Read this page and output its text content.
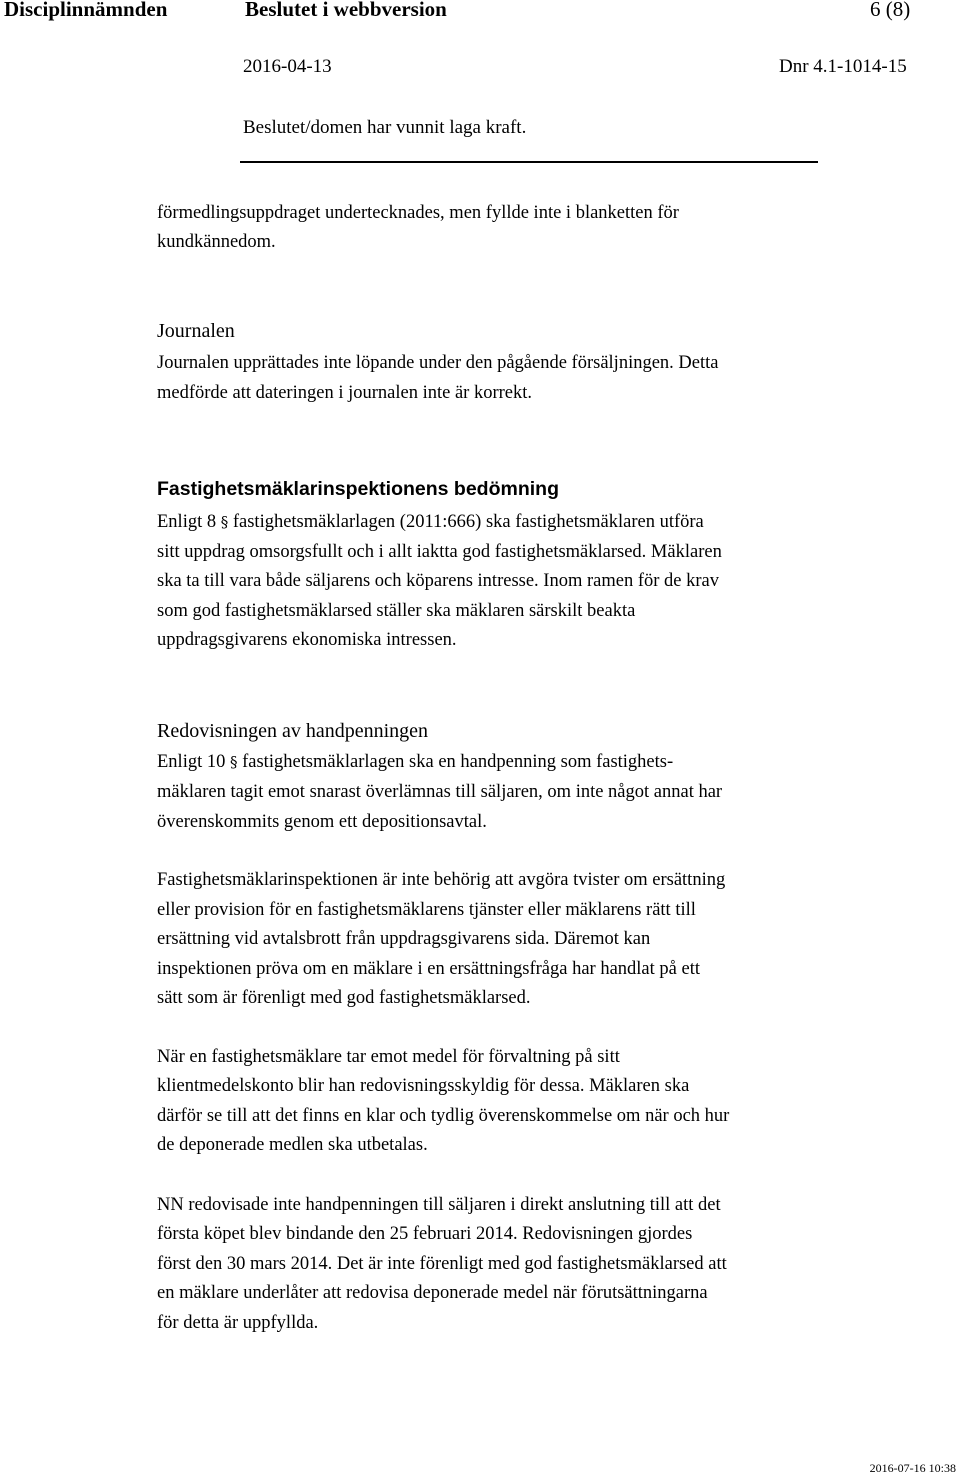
Disciplinnämnden	Beslutet i webbversion	6 (8)
2016-04-13	Dnr 4.1-1014-15
Beslutet/domen har vunnit laga kraft.
förmedlingsuppdraget undertecknades, men fyllde inte i blanketten för
kundkännedom.
Journalen
Journalen upprättades inte löpande under den pågående försäljningen. Detta
medförde att dateringen i journalen inte är korrekt.
Fastighetsmäklarinspektionens bedömning
Enligt 8 § fastighetsmäklarlagen (2011:666) ska fastighetsmäklaren utföra
sitt uppdrag omsorgsfullt och i allt iaktta god fastighetsmäklarsed. Mäklaren
ska ta till vara både säljarens och köparens intresse. Inom ramen för de krav
som god fastighetsmäklarsed ställer ska mäklaren särskilt beakta
uppdragsgivarens ekonomiska intressen.
Redovisningen av handpenningen
Enligt 10 § fastighetsmäklarlagen ska en handpenning som fastighets-
mäklaren tagit emot snarast överlämnas till säljaren, om inte något annat har
överenskommits genom ett depositionsavtal.
Fastighetsmäklarinspektionen är inte behörig att avgöra tvister om ersättning
eller provision för en fastighetsmäklarens tjänster eller mäklarens rätt till
ersättning vid avtalsbrott från uppdragsgivarens sida. Däremot kan
inspektionen pröva om en mäklare i en ersättningsfråga har handlat på ett
sätt som är förenligt med god fastighetsmäklarsed.
När en fastighetsmäklare tar emot medel för förvaltning på sitt
klientmedelskonto blir han redovisningsskyldig för dessa. Mäklaren ska
därför se till att det finns en klar och tydlig överenskommelse om när och hur
de deponerade medlen ska utbetalas.
NN redovisade inte handpenningen till säljaren i direkt anslutning till att det
första köpet blev bindande den 25 februari 2014. Redovisningen gjordes
först den 30 mars 2014. Det är inte förenligt med god fastighetsmäklarsed att
en mäklare underlåter att redovisa deponerade medel när förutsättningarna
för detta är uppfyllda.
2016-07-16 10:38
